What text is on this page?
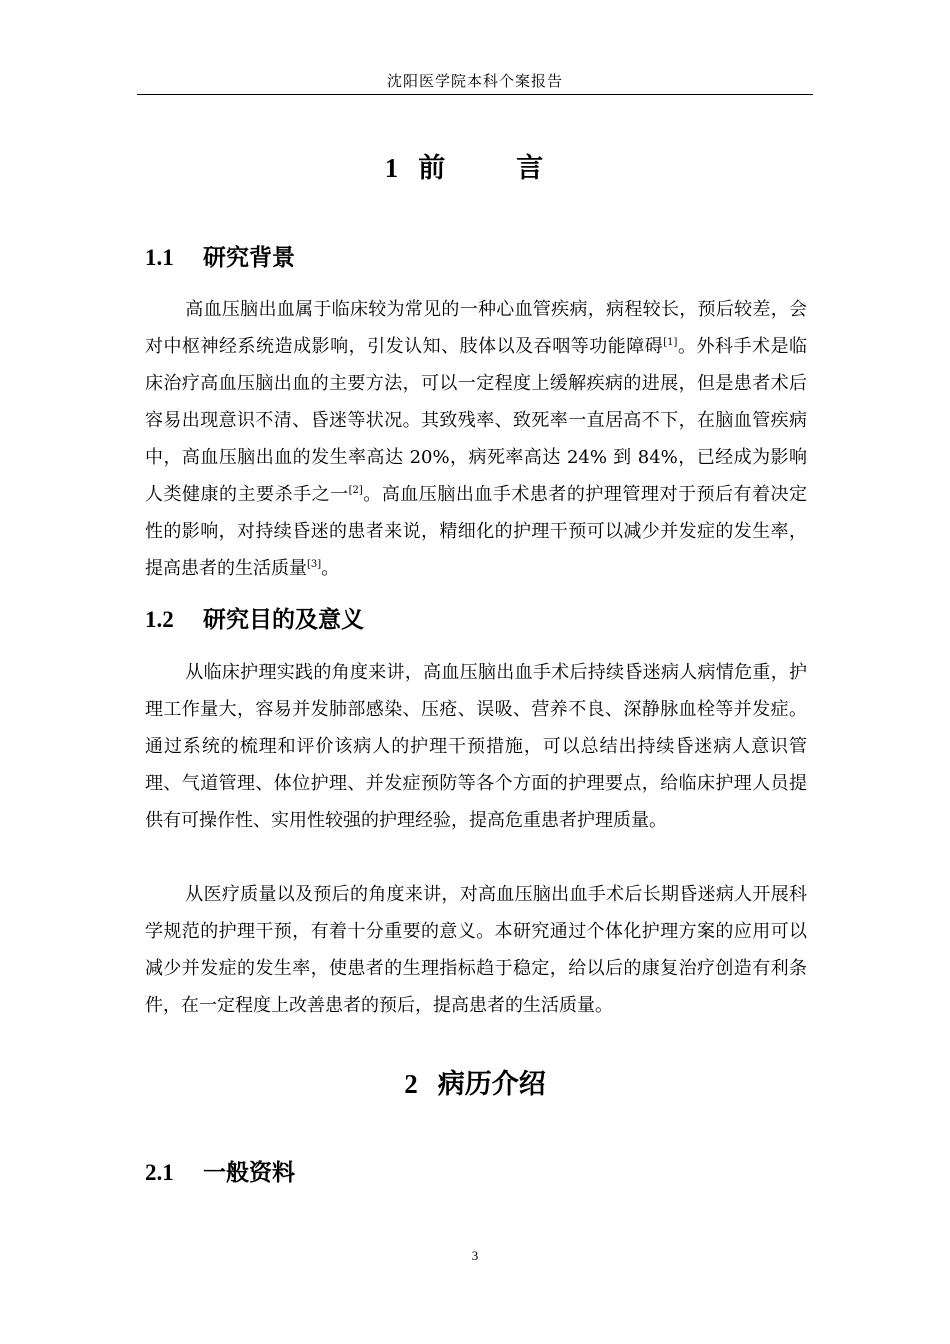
沈阳医学院本科个案报告
1 前　言
1.1 研究背景

高血压脑出血属于临床较为常见的一种心血管疾病，病程较长，预后较差，会对中枢神经系统造成影响，引发认知、肢体以及吞咽等功能障碍[1]。外科手术是临床治疗高血压脑出血的主要方法，可以一定程度上缓解疾病的进展，但是患者术后容易出现意识不清、昏迷等状况。其致残率、致死率一直居高不下，在脑血管疾病中，高血压脑出血的发生率高达 20%，病死率高达 24% 到 84%，已经成为影响人类健康的主要杀手之一[2]。高血压脑出血手术患者的护理管理对于预后有着决定性的影响，对持续昏迷的患者来说，精细化的护理干预可以减少并发症的发生率，提高患者的生活质量[3]。

1.2 研究目的及意义

从临床护理实践的角度来讲，高血压脑出血手术后持续昏迷病人病情危重，护理工作量大，容易并发肺部感染、压疮、误吸、营养不良、深静脉血栓等并发症。通过系统的梳理和评价该病人的护理干预措施，可以总结出持续昏迷病人意识管理、气道管理、体位护理、并发症预防等各个方面的护理要点，给临床护理人员提供有可操作性、实用性较强的护理经验，提高危重患者护理质量。

从医疗质量以及预后的角度来讲，对高血压脑出血手术后长期昏迷病人开展科学规范的护理干预，有着十分重要的意义。本研究通过个体化护理方案的应用可以减少并发症的发生率，使患者的生理指标趋于稳定，给以后的康复治疗创造有利条件，在一定程度上改善患者的预后，提高患者的生活质量。

2 病历介绍
2.1 一般资料
3
